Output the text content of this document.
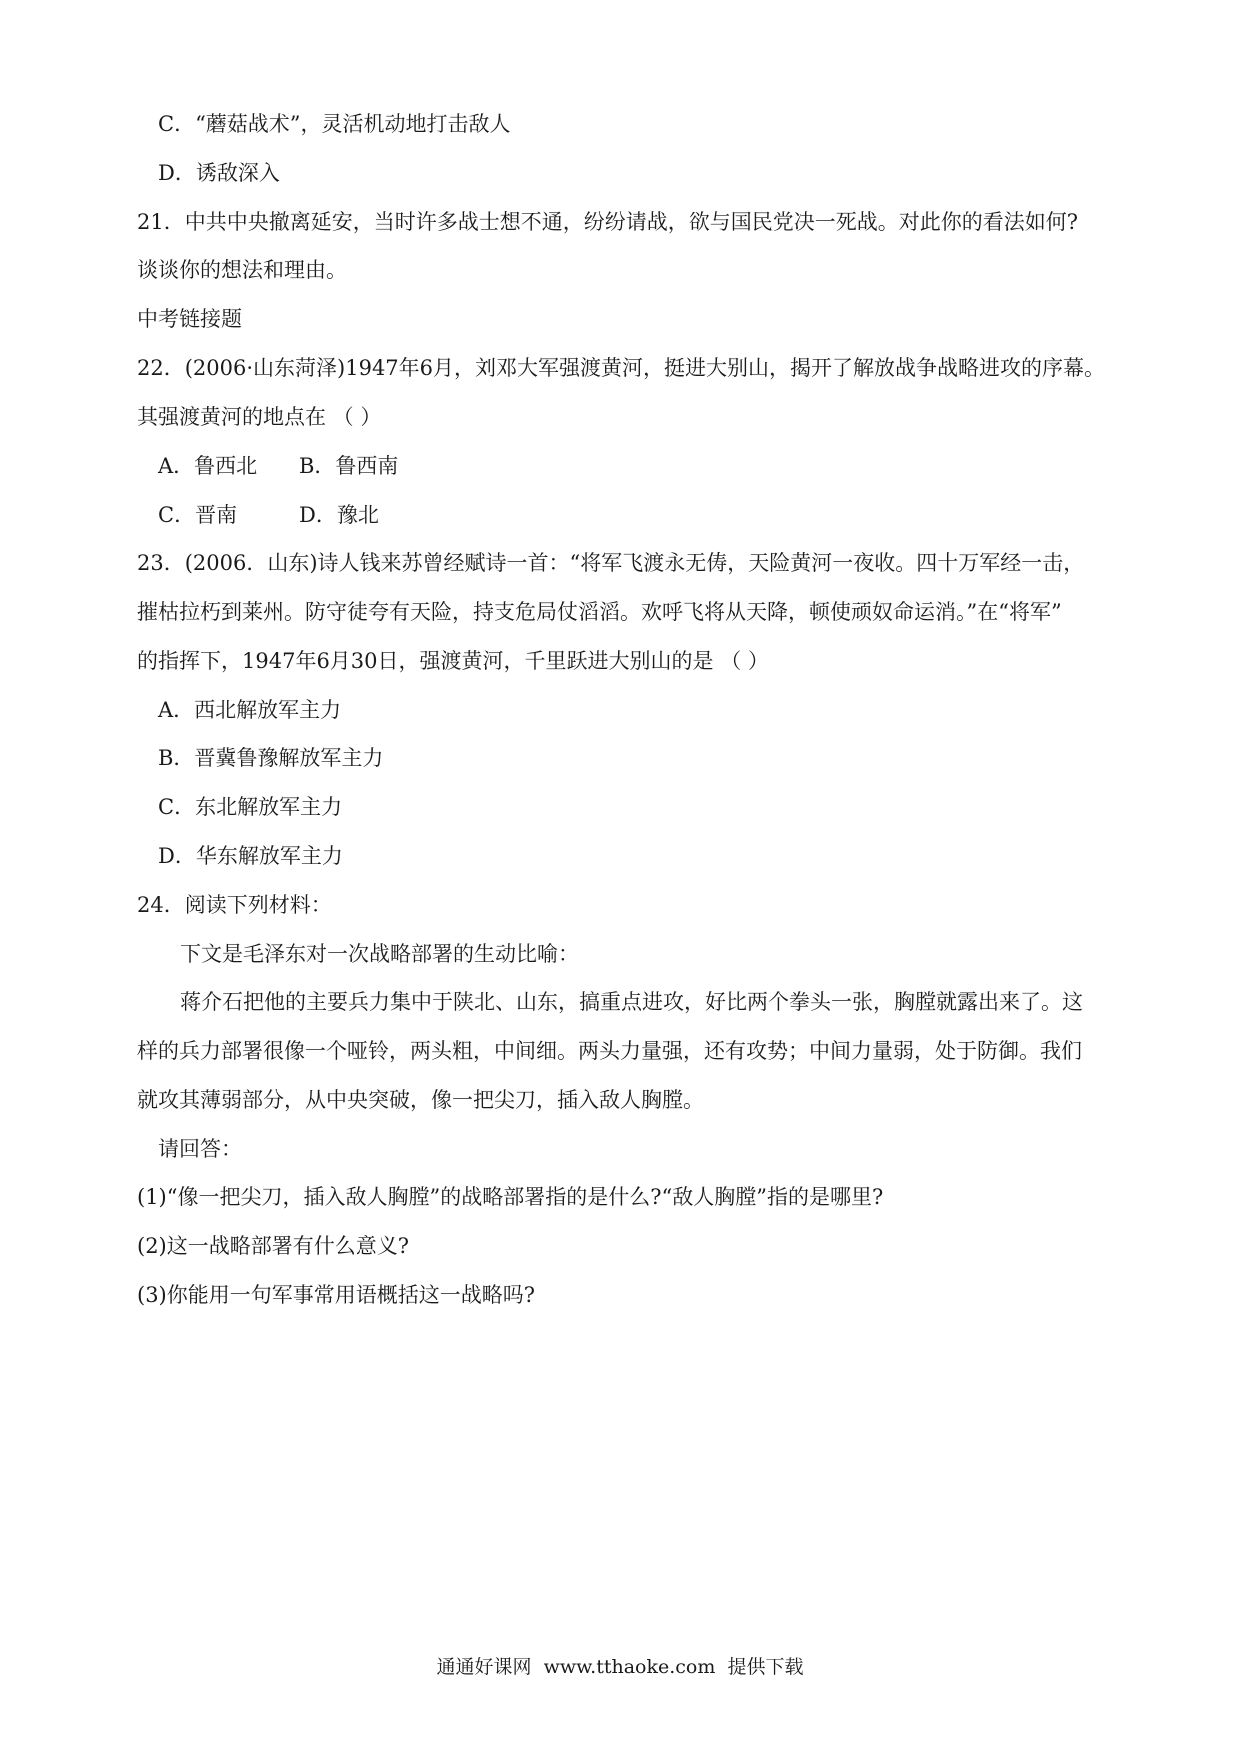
C．“蘑菇战术”，灵活机动地打击敌人
D．诱敌深入
21．中共中央撤离延安，当时许多战士想不通，纷纷请战，欲与国民党决一死战。对此你的看法如何?
谈谈你的想法和理由。
中考链接题
22．(2006·山东菏泽)1947年6月，刘邓大军强渡黄河，挺进大别山，揭开了解放战争战略进攻的序幕。
其强渡黄河的地点在 （ ）
A．鲁西北 B．鲁西南
C．晋南	D．豫北
23．(2006．山东)诗人钱来苏曾经赋诗一首：“将军飞渡永无俦，天险黄河一夜收。四十万军经一击，
摧枯拉朽到莱州。防守徒夸有天险，持支危局仗滔滔。欢呼飞将从天降，顿使顽奴命运消。”在“将军”
的指挥下，1947年6月30日，强渡黄河，千里跃进大别山的是 （ ）
A．西北解放军主力
B．晋冀鲁豫解放军主力
C．东北解放军主力
D．华东解放军主力
24．阅读下列材料：
下文是毛泽东对一次战略部署的生动比喻：
蒋介石把他的主要兵力集中于陕北、山东，搞重点进攻，好比两个拳头一张，胸膛就露出来了。这
样的兵力部署很像一个哑铃，两头粗，中间细。两头力量强，还有攻势；中间力量弱，处于防御。我们
就攻其薄弱部分，从中央突破，像一把尖刀，插入敌人胸膛。
请回答：
(1)“像一把尖刀，插入敌人胸膛”的战略部署指的是什么?“敌人胸膛”指的是哪里?
(2)这一战略部署有什么意义?
(3)你能用一句军事常用语概括这一战略吗?
通通好课网 www.tthaoke.com 提供下载
